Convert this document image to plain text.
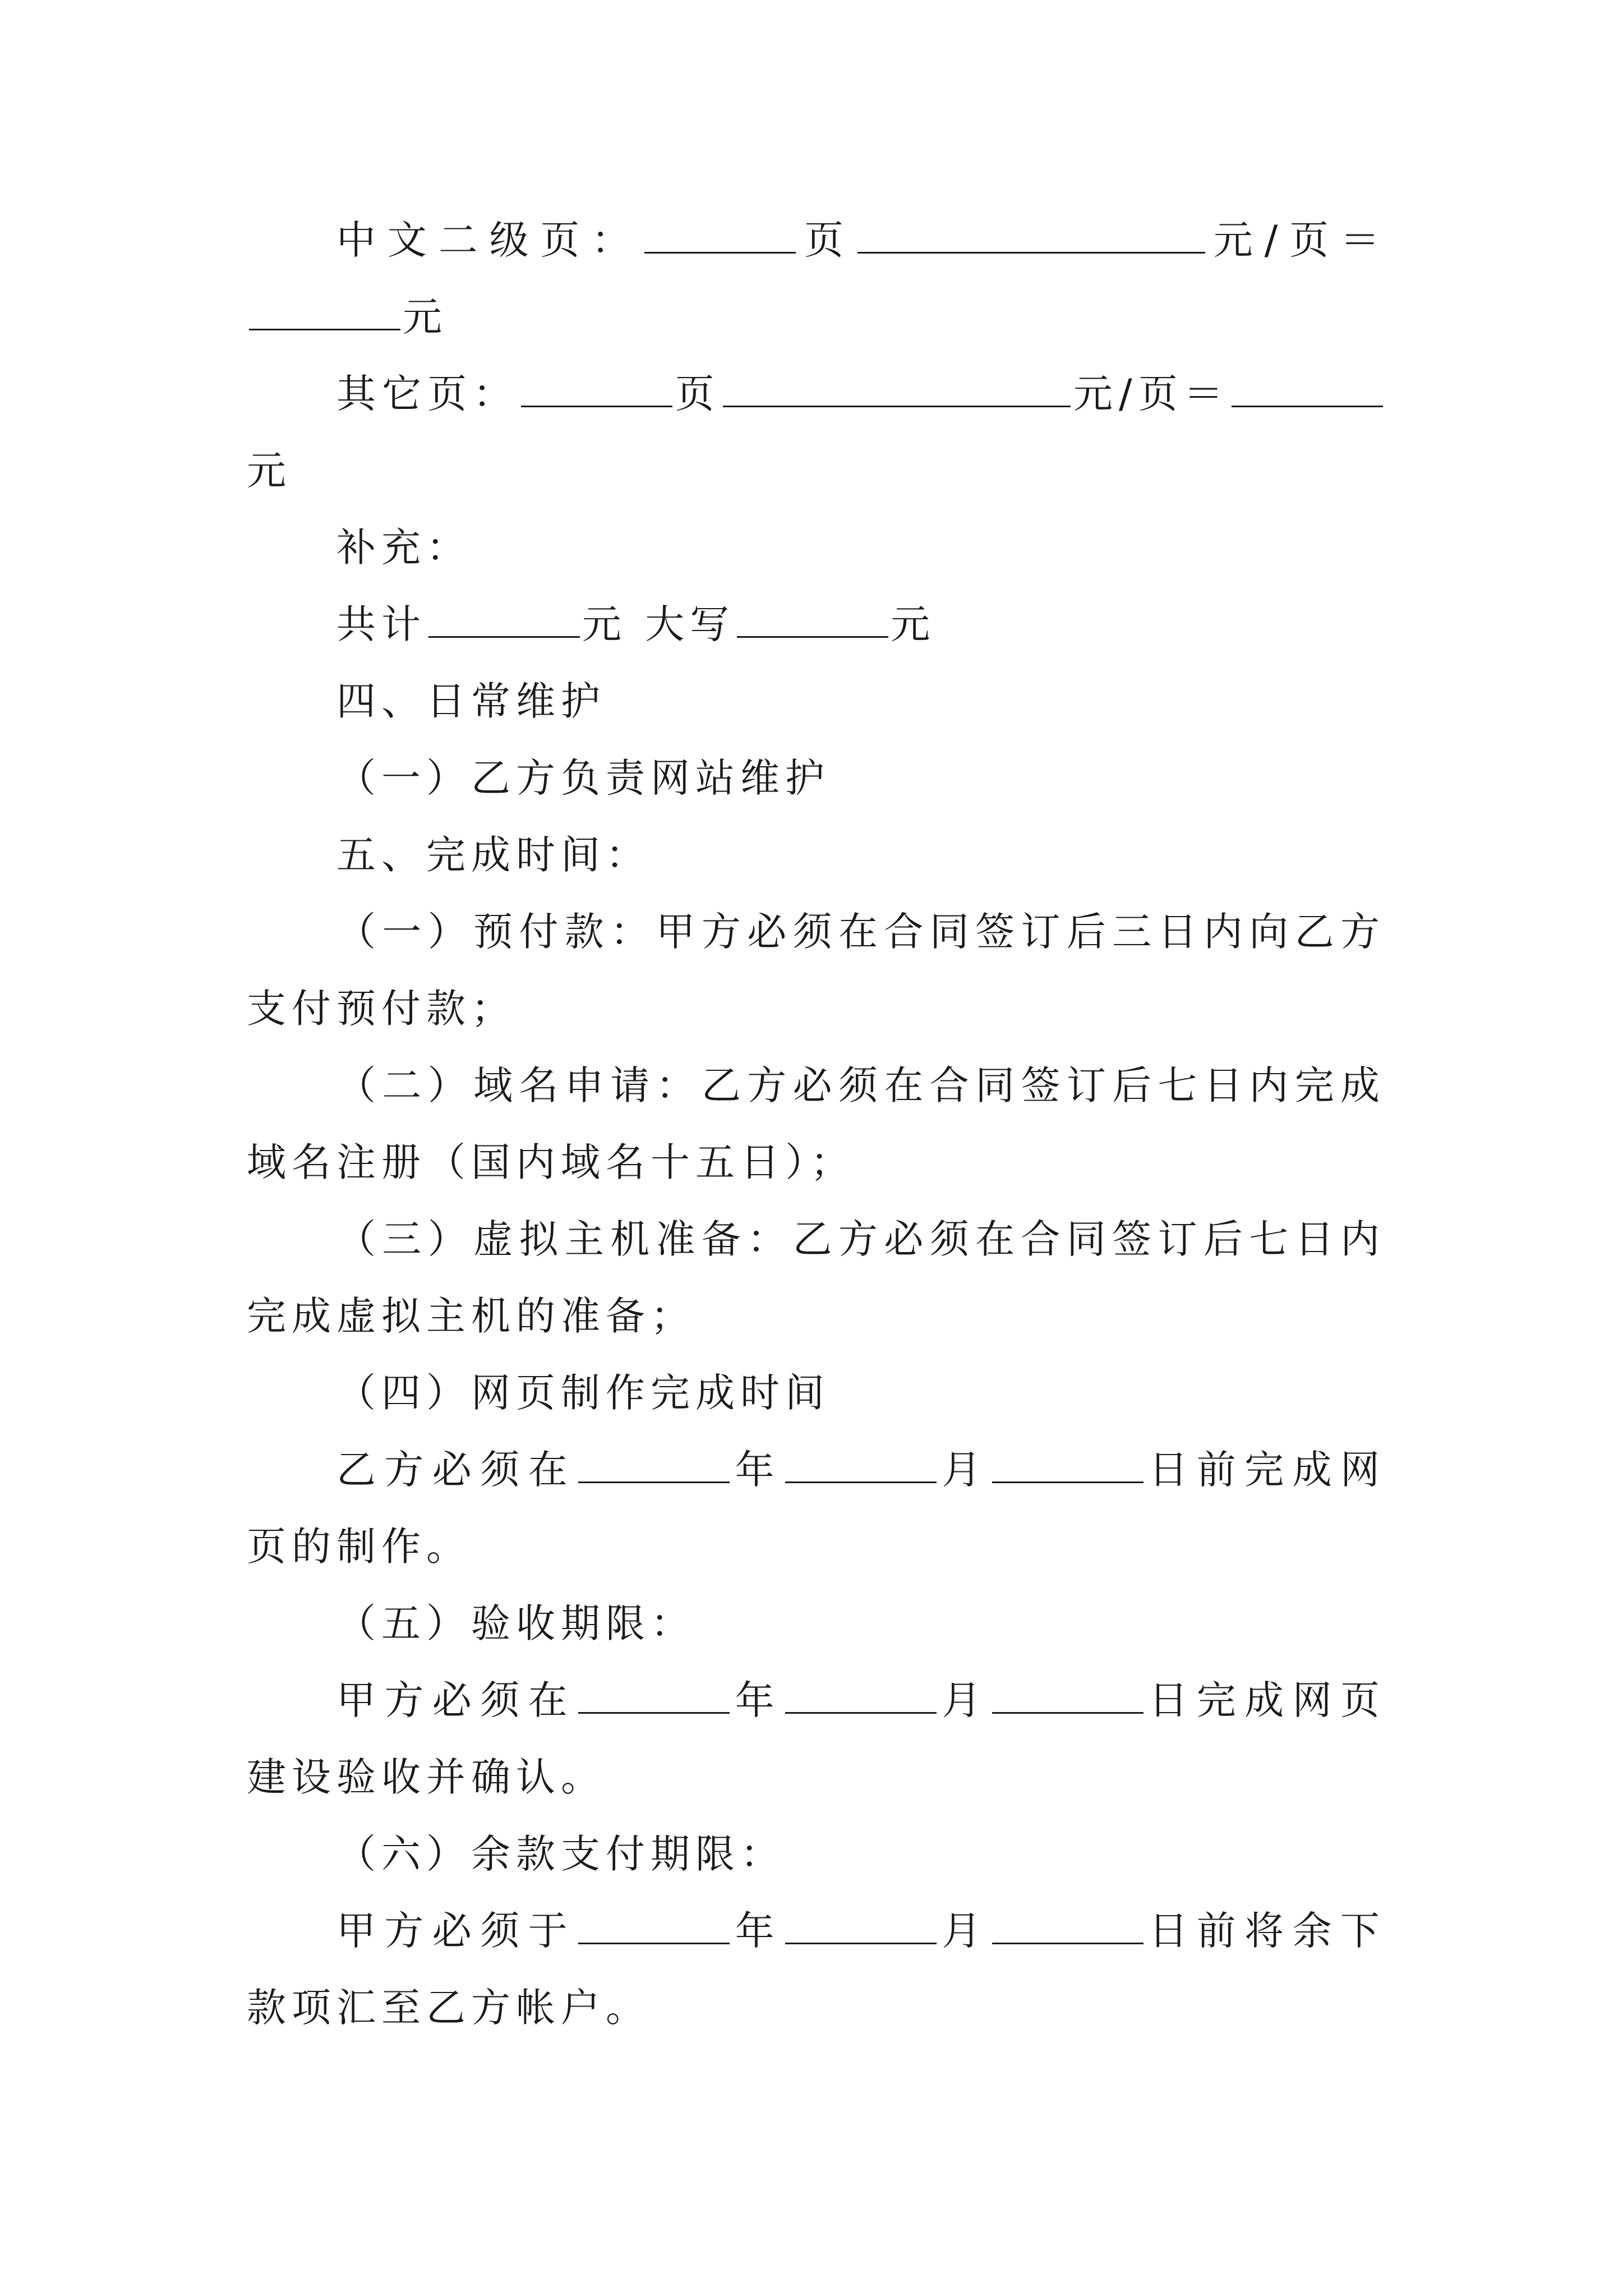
中文二级页：	页	元/页＝元

其它页：	页	元/页＝元

补充：

共计	元 大写	元

四、日常维护

（一）乙方负责网站维护

五、完成时间：

（一）预付款：甲方必须在合同签订后三日内向乙方支付预付款；

（二）域名申请：乙方必须在合同签订后七日内完成域名注册（国内域名十五日）；

（三）虚拟主机准备：乙方必须在合同签订后七日内完成虚拟主机的准备；

（四）网页制作完成时间

乙方必须在	年	月	日前完成网页的制作。

（五）验收期限：

甲方必须在	年	月	日完成网页建设验收并确认。

（六）余款支付期限：

甲方必须于	年	月	日前将余下款项汇至乙方帐户。
